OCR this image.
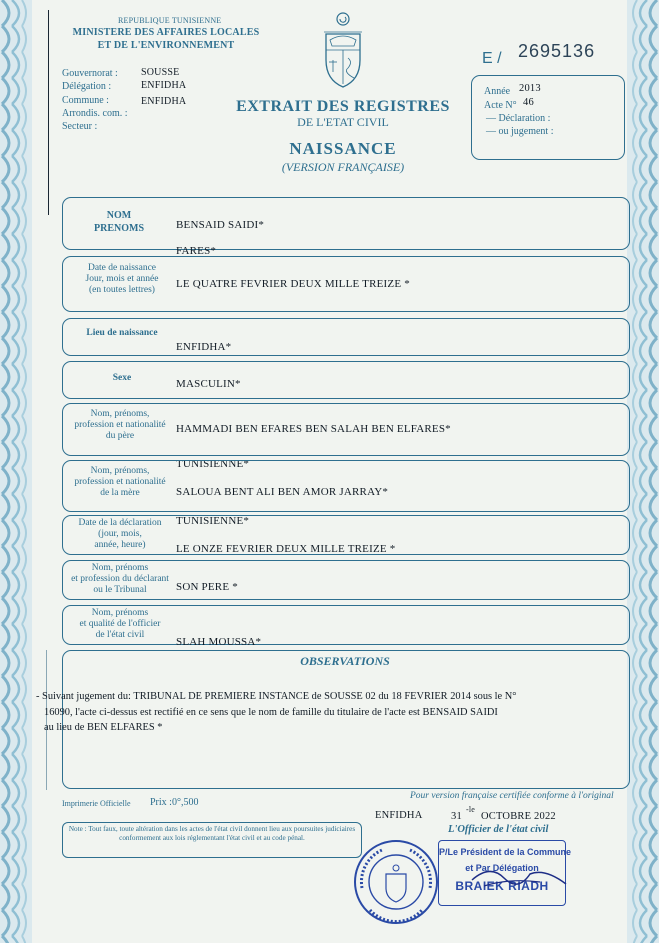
REPUBLIQUE TUNISIENNE
MINISTERE DES AFFAIRES LOCALES
ET DE L'ENVIRONNEMENT
E / 2695136
Gouvernorat : SOUSSE
Délégation :	ENFIDHA
Commune :	ENFIDHA
Arrondis. com. :
Secteur :
EXTRAIT DES REGISTRES
DE L'ETAT CIVIL
NAISSANCE
(VERSION FRANÇAISE)
Année 2013
Acte N° 46
— Déclaration :
— ou jugement :
NOM
PRENOMS	BENSAID SAIDI*
FARES*
Date de naissance
Jour, mois et année
(en toutes lettres)	LE QUATRE FEVRIER DEUX MILLE TREIZE *
Lieu de naissance
ENFIDHA*
Sexe	MASCULIN*
Nom, prénoms,
profession et nationalité
du père
HAMMADI BEN EFARES BEN SALAH BEN ELFARES*
TUNISIENNE*
Nom, prénoms,
profession et nationalité
de la mère	SALOUA BENT ALI BEN AMOR JARRAY*
TUNISIENNE*
Date de la déclaration
(jour, mois,
année, heure)	LE ONZE FEVRIER DEUX MILLE TREIZE *
Nom, prénoms
et profession du déclarant
ou le Tribunal	SON PERE *
Nom, prénoms
et qualité de l'officier
de l'état civil
SLAH MOUSSA*
OBSERVATIONS
- Suivant jugement du: TRIBUNAL DE PREMIERE INSTANCE de SOUSSE 02 du 18 FEVRIER 2014 sous le N°
16090, l'acte ci-dessus est rectifié en ce sens que le nom de famille du titulaire de l'acte est BENSAID SAIDI
au lieu de BEN ELFARES *
Imprimerie Officielle Prix :0°,500
Pour version française certifiée conforme à l'original
ENFIDHA	31
-le
OCTOBRE 2022
L'Officier de l'état civil
Note : Tout faux, toute altération dans les actes de l'état civil donnent lieu aux poursuites judiciaires conformement aux lois réglementant l'état civil et au code pénal.
P/Le Président de la Commune
et Par Délégation
BRAIEK RIADH
